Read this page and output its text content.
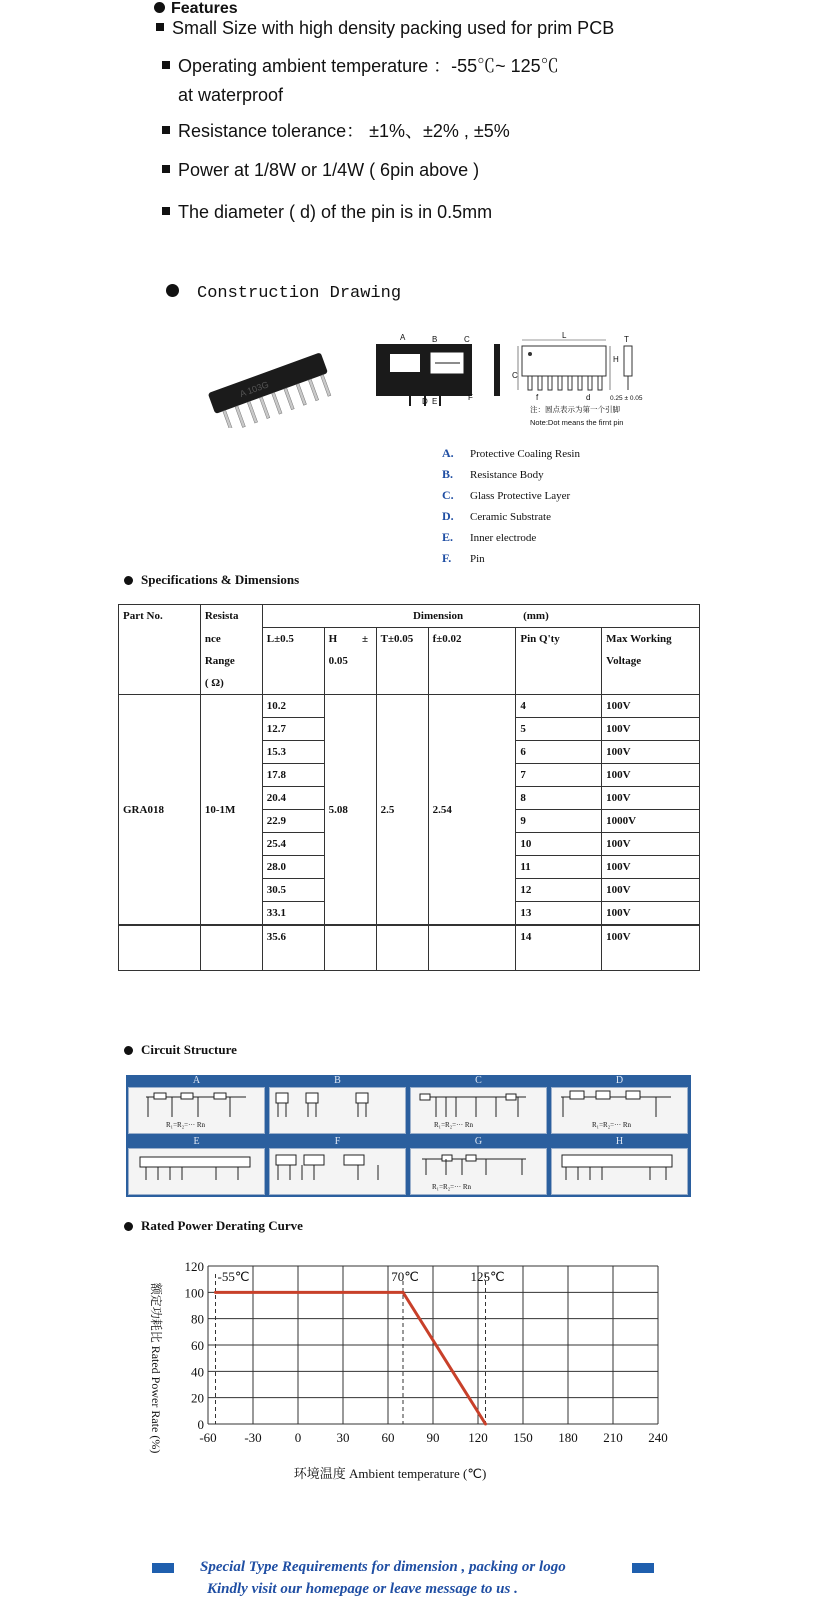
Features
Small Size with high density packing used for prim PCB
Operating ambient temperature ：-55℃~ 125℃
at waterproof
Resistance tolerance： ±1%、±2% , ±5%
Power at 1/8W or 1/4W ( 6pin above )
The diameter ( d) of the pin is in 0.5mm
Construction Drawing
A 103G
A	B	C
D E	F
L	T
H
C
f	d	0.25 ± 0.05
注：圆点表示为第一个引脚
Note:Dot means the firnt pin
A. Protective Coaling Resin
B. Resistance Body
C. Glass Protective Layer
D. Ceramic Substrate
E. Inner electrode
F. Pin
Specifications & Dimensions
Part No.	Resista	Dimension (mm)					
	nce	L±0.5	H         ±	T±0.05	f±0.02	Pin Q'ty	Max Working
	Range		0.05				Voltage
	( Ω)						
GRA018	10-1M	10.2	5.08	2.5	2.54	4	100V
		12.7				5	100V
		15.3				6	100V
		17.8				7	100V
		20.4				8	100V
		22.9				9	1000V
		25.4				10	100V
		28.0				11	100V
		30.5				12	100V
		33.1				13	100V
		35.6				14	100V
Circuit Structure
A	B	C	D
E	F	G	H
R₁=R₂=··· Rn	R₁=R₂=··· Rn	R₁=R₂=··· Rn
R₁=R₂=··· Rn
Rated Power Derating Curve
-60 -30	0	30 60 90 120 150 180 210 240
0
20
40
60
80
100
120
-55℃	70℃	125℃
环境温度 Ambient temperature (℃)
额定功耗比 Rated Power Rate (%)
Special Type Requirements for dimension , packing or logo
Kindly visit our homepage or leave message to us .
